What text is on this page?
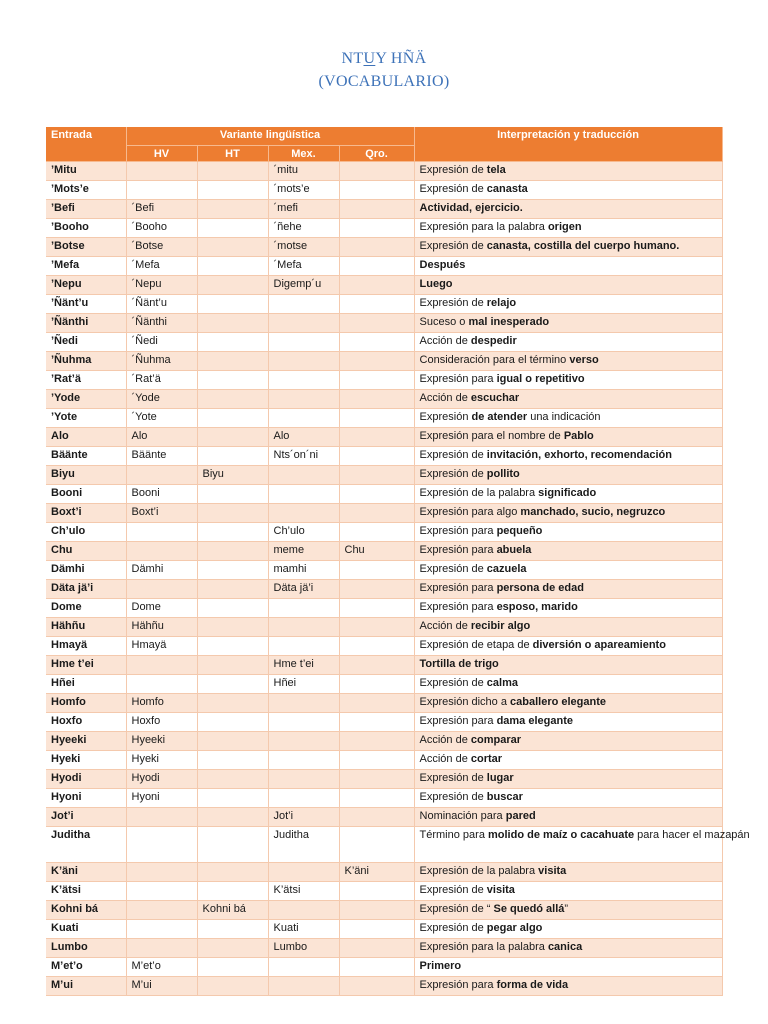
NTUY HÑÄ
(VOCABULARIO)
Entrada	Variante lingüística				Interpretación y traducción
	HV	HT	Mex.	Qro.	
’Mitu			´mitu		Expresión de tela
’Mots’e			´mots’e		Expresión de canasta
’Befi	´Befi		´mefi		Actividad, ejercicio.
’Booho	´Booho		´ñehe		Expresión para la palabra origen
’Botse	´Botse		´motse		Expresión de canasta, costilla del cuerpo humano.
’Mefa	´Mefa		´Mefa		Después
’Nepu	´Nepu		Digemp´u		Luego
’Ñänt’u	´Ñänt’u				Expresión de relajo
’Ñänthi	´Ñänthi				Suceso o mal inesperado
’Ñedi	´Ñedi				Acción de despedir
’Ñuhma	´Ñuhma				Consideración para el término verso
’Rat’ä	´Rat’ä				Expresión para igual o repetitivo
’Yode	´Yode				Acción de escuchar
’Yote	´Yote				Expresión de atender una indicación
Alo	Alo		Alo		Expresión para el nombre de Pablo
Bäänte	Bäänte		Nts´on´ni		Expresión de invitación, exhorto, recomendación
Biyu		Biyu			Expresión de pollito
Booni	Booni				Expresión de la palabra significado
Boxt’i	Boxt’i				Expresión para algo manchado, sucio, negruzco
Ch’ulo			Ch’ulo		Expresión para pequeño
Chu			meme	Chu	Expresión para abuela
Dämhi	Dämhi		mamhi		Expresión de cazuela
Däta jä’i			Däta jä’i		Expresión para persona de edad
Dome	Dome				Expresión para esposo, marido
Hähñu	Hähñu				Acción de recibir algo
Hmayä	Hmayä				Expresión de etapa de diversión o apareamiento
Hme t’ei			Hme t’ei		Tortilla de trigo
Hñei			Hñei		Expresión de calma
Homfo	Homfo				Expresión dicho a caballero elegante
Hoxfo	Hoxfo				Expresión para dama elegante
Hyeeki	Hyeeki				Acción de comparar
Hyeki	Hyeki				Acción de cortar
Hyodi	Hyodi				Expresión de lugar
Hyoni	Hyoni				Expresión de buscar
Jot’i			Jot’i		Nominación para pared
Juditha			Juditha		Término para molido de maíz o cacahuate para hacer el mazapán
K’äni				K’äni	Expresión de la palabra visita
K’ätsi			K’ätsi		Expresión de visita
Kohni bá		Kohni bá			Expresión de “ Se quedó allá”
Kuati			Kuati		Expresión de pegar algo
Lumbo			Lumbo		Expresión para la palabra canica
M’et’o	M’et’o				Primero
M’ui	M’ui				Expresión para forma de vida
